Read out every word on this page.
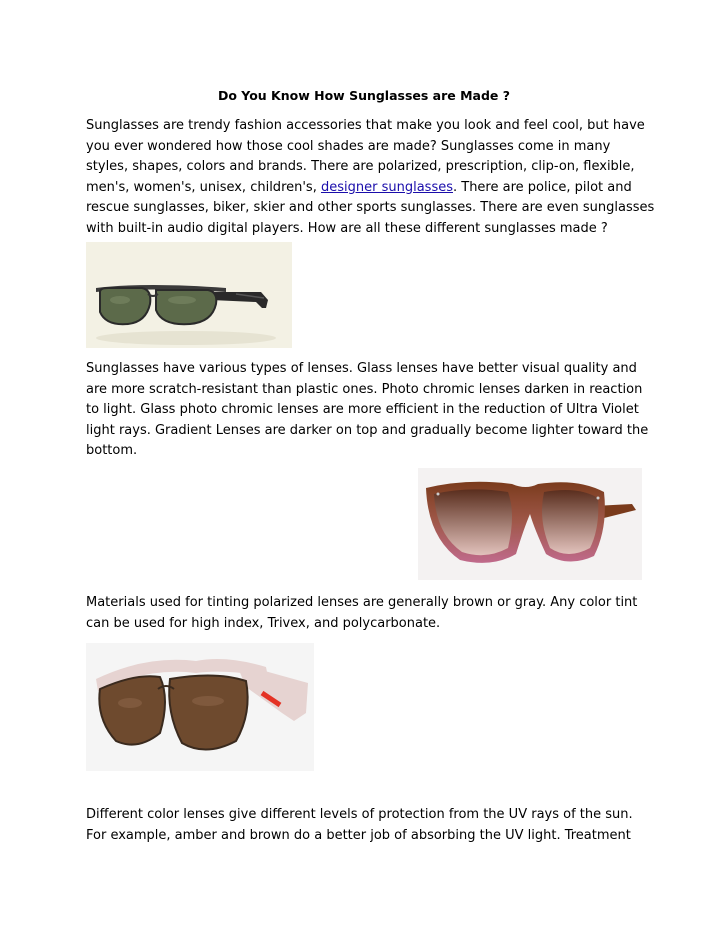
Do You Know How Sunglasses are Made ?

Sunglasses are trendy fashion accessories that make you look and feel cool, but have you ever wondered how those cool shades are made? Sunglasses come in many styles, shapes, colors and brands. There are polarized, prescription, clip-on, flexible, men's, women's, unisex, children's, designer sunglasses. There are police, pilot and rescue sunglasses, biker, skier and other sports sunglasses. There are even sunglasses with built-in audio digital players. How are all these different sunglasses made ?

Sunglasses have various types of lenses. Glass lenses have better visual quality and are more scratch-resistant than plastic ones. Photo chromic lenses darken in reaction to light. Glass photo chromic lenses are more efficient in the reduction of Ultra Violet light rays. Gradient Lenses are darker on top and gradually become lighter toward the bottom.

Materials used for tinting polarized lenses are generally brown or gray. Any color tint can be used for high index, Trivex, and polycarbonate.

Different color lenses give different levels of protection from the UV rays of the sun. For example, amber and brown do a better job of absorbing the UV light. Treatment
